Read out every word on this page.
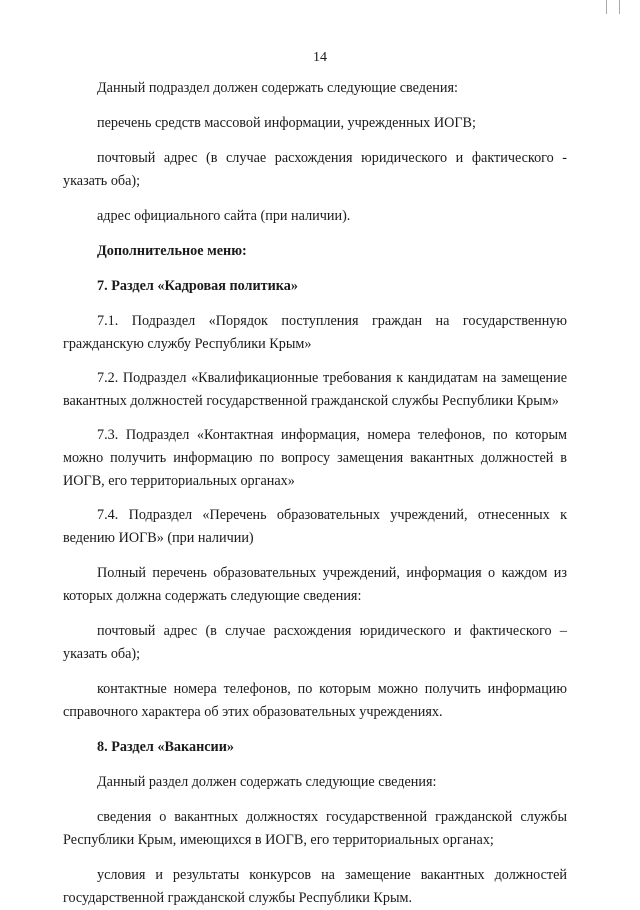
14

Данный подраздел должен содержать следующие сведения:

перечень средств массовой информации, учрежденных ИОГВ;

почтовый адрес (в случае расхождения юридического и фактического - указать оба);

адрес официального сайта (при наличии).

Дополнительное меню:

7. Раздел «Кадровая политика»

7.1. Подраздел «Порядок поступления граждан на государственную гражданскую службу Республики Крым»

7.2. Подраздел «Квалификационные требования к кандидатам на замещение вакантных должностей государственной гражданской службы Республики Крым»

7.3. Подраздел «Контактная информация, номера телефонов, по которым можно получить информацию по вопросу замещения вакантных должностей в ИОГВ, его территориальных органах»

7.4. Подраздел «Перечень образовательных учреждений, отнесенных к ведению ИОГВ» (при наличии)

Полный перечень образовательных учреждений, информация о каждом из которых должна содержать следующие сведения:

почтовый адрес (в случае расхождения юридического и фактического – указать оба);

контактные номера телефонов, по которым можно получить информацию справочного характера об этих образовательных учреждениях.

8. Раздел «Вакансии»

Данный раздел должен содержать следующие сведения:

сведения о вакантных должностях государственной гражданской службы Республики Крым, имеющихся в ИОГВ, его территориальных органах;

условия и результаты конкурсов на замещение вакантных должностей государственной гражданской службы Республики Крым.
